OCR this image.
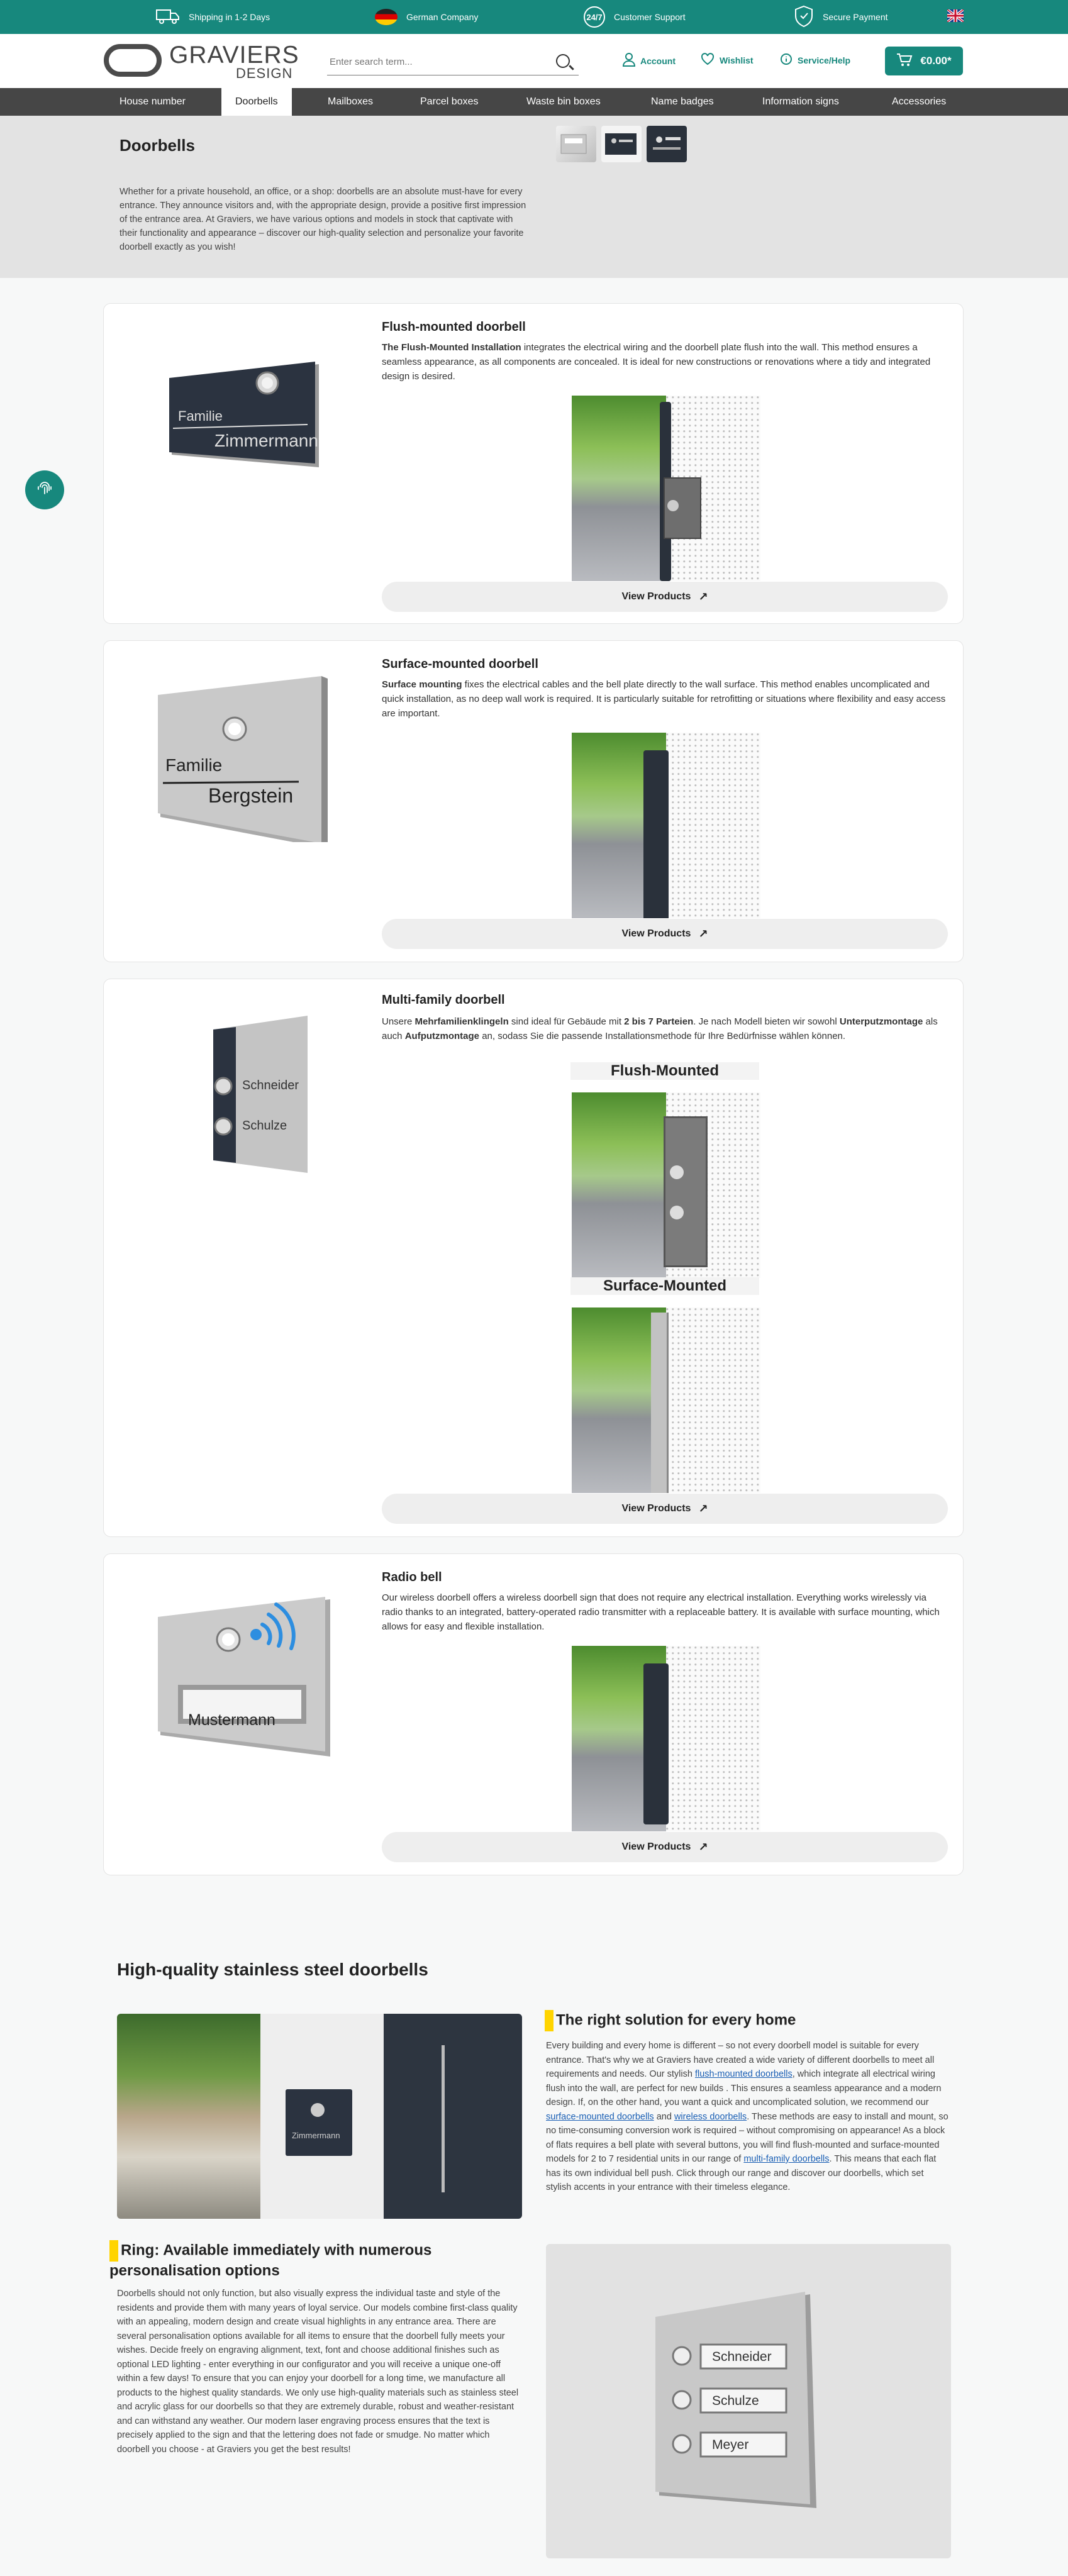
Shipping in 1-2 Days	German Company	24/7	Customer Support	Secure Payment
GRAVIERS
DESIGN
Enter search term...
Account	Wishlist	Service/Help	€0.00*
House number	Doorbells	Mailboxes	Parcel boxes	Waste bin boxes	Name badges	Information signs	Accessories
Doorbells

Whether for a private household, an office, or a shop: doorbells are an absolute must-have for every entrance. They announce visitors and, with the appropriate design, provide a positive first impression of the entrance area. At Graviers, we have various options and models in stock that captivate with their functionality and appearance – discover our high-quality selection and personalize your favorite doorbell exactly as you wish!

Familie
Zimmermann
Flush-mounted doorbell
The Flush-Mounted Installation integrates the electrical wiring and the doorbell plate flush into the wall. This method ensures a seamless appearance, as all components are concealed. It is ideal for new constructions or renovations where a tidy and integrated design is desired.
View Products ↗
Familie
Bergstein
Surface-mounted doorbell
Surface mounting fixes the electrical cables and the bell plate directly to the wall surface. This method enables uncomplicated and quick installation, as no deep wall work is required. It is particularly suitable for retrofitting or situations where flexibility and easy access are important.
View Products ↗
Schneider
Schulze
Multi-family doorbell
Unsere Mehrfamilienklingeln sind ideal für Gebäude mit 2 bis 7 Parteien. Je nach Modell bieten wir sowohl Unterputzmontage als auch Aufputzmontage an, sodass Sie die passende Installationsmethode für Ihre Bedürfnisse wählen können.
Flush-Mounted
Surface-Mounted
View Products ↗
Mustermann
Radio bell
Our wireless doorbell offers a wireless doorbell sign that does not require any electrical installation. Everything works wirelessly via radio thanks to an integrated, battery-operated radio transmitter with a replaceable battery. It is available with surface mounting, which allows for easy and flexible installation.
View Products ↗
High-quality stainless steel doorbells
Zimmermann
The right solution for every home
Every building and every home is different – so not every doorbell model is suitable for every entrance. That's why we at Graviers have created a wide variety of different doorbells to meet all requirements and needs. Our stylish flush-mounted doorbells, which integrate all electrical wiring flush into the wall, are perfect for new builds . This ensures a seamless appearance and a modern design. If, on the other hand, you want a quick and uncomplicated solution, we recommend our surface-mounted doorbells and wireless doorbells. These methods are easy to install and mount, so no time-consuming conversion work is required – without compromising on appearance! As a block of flats requires a bell plate with several buttons, you will find flush-mounted and surface-mounted models for 2 to 7 residential units in our range of multi-family doorbells. This means that each flat has its own individual bell push. Click through our range and discover our doorbells, which set stylish accents in your entrance with their timeless elegance.
Ring: Available immediately with numerous personalisation options
Doorbells should not only function, but also visually express the individual taste and style of the residents and provide them with many years of loyal service. Our models combine first-class quality with an appealing, modern design and create visual highlights in any entrance area. There are several personalisation options available for all items to ensure that the doorbell fully meets your wishes. Decide freely on engraving alignment, text, font and choose additional finishes such as optional LED lighting - enter everything in our configurator and you will receive a unique one-off within a few days! To ensure that you can enjoy your doorbell for a long time, we manufacture all products to the highest quality standards. We only use high-quality materials such as stainless steel and acrylic glass for our doorbells so that they are extremely durable, robust and weather-resistant and can withstand any weather. Our modern laser engraving process ensures that the text is precisely applied to the sign and that the lettering does not fade or smudge. No matter which doorbell you choose - at Graviers you get the best results!
Schneider
Schulze
Meyer
